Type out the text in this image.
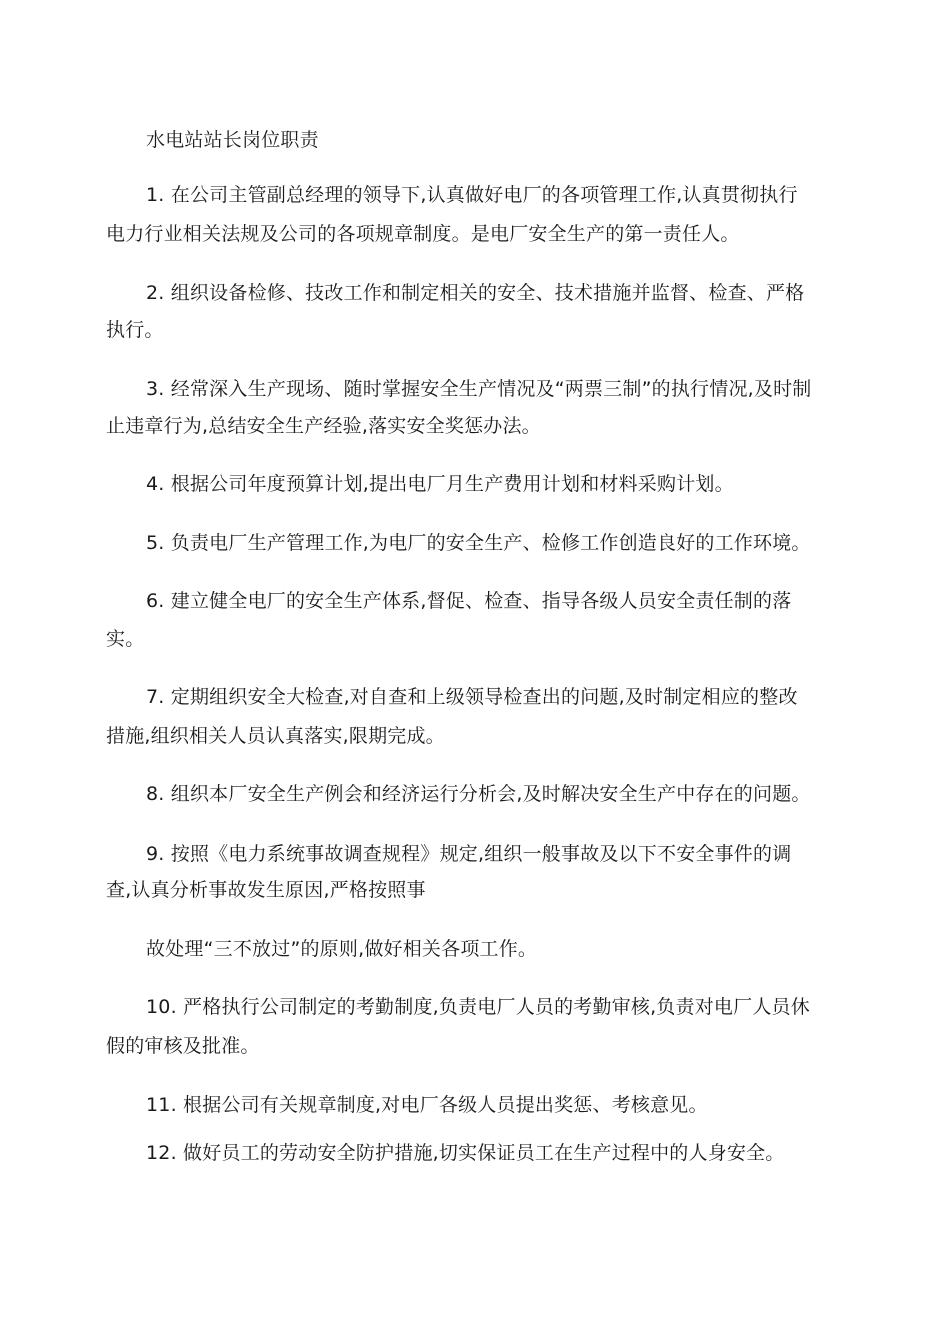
水电站站长岗位职责
1. 在公司主管副总经理的领导下,认真做好电厂的各项管理工作,认真贯彻执行
电力行业相关法规及公司的各项规章制度。是电厂安全生产的第一责任人。
2. 组织设备检修、技改工作和制定相关的安全、技术措施并监督、检查、严格
执行。
3. 经常深入生产现场、随时掌握安全生产情况及“两票三制”的执行情况,及时制
止违章行为,总结安全生产经验,落实安全奖惩办法。
4. 根据公司年度预算计划,提出电厂月生产费用计划和材料采购计划。
5. 负责电厂生产管理工作,为电厂的安全生产、检修工作创造良好的工作环境。
6. 建立健全电厂的安全生产体系,督促、检查、指导各级人员安全责任制的落
实。
7. 定期组织安全大检查,对自查和上级领导检查出的问题,及时制定相应的整改
措施,组织相关人员认真落实,限期完成。
8. 组织本厂安全生产例会和经济运行分析会,及时解决安全生产中存在的问题。
9. 按照《电力系统事故调查规程》规定,组织一般事故及以下不安全事件的调
查,认真分析事故发生原因,严格按照事
故处理“三不放过”的原则,做好相关各项工作。
10. 严格执行公司制定的考勤制度,负责电厂人员的考勤审核,负责对电厂人员休
假的审核及批准。
11. 根据公司有关规章制度,对电厂各级人员提出奖惩、考核意见。
12. 做好员工的劳动安全防护措施,切实保证员工在生产过程中的人身安全。
